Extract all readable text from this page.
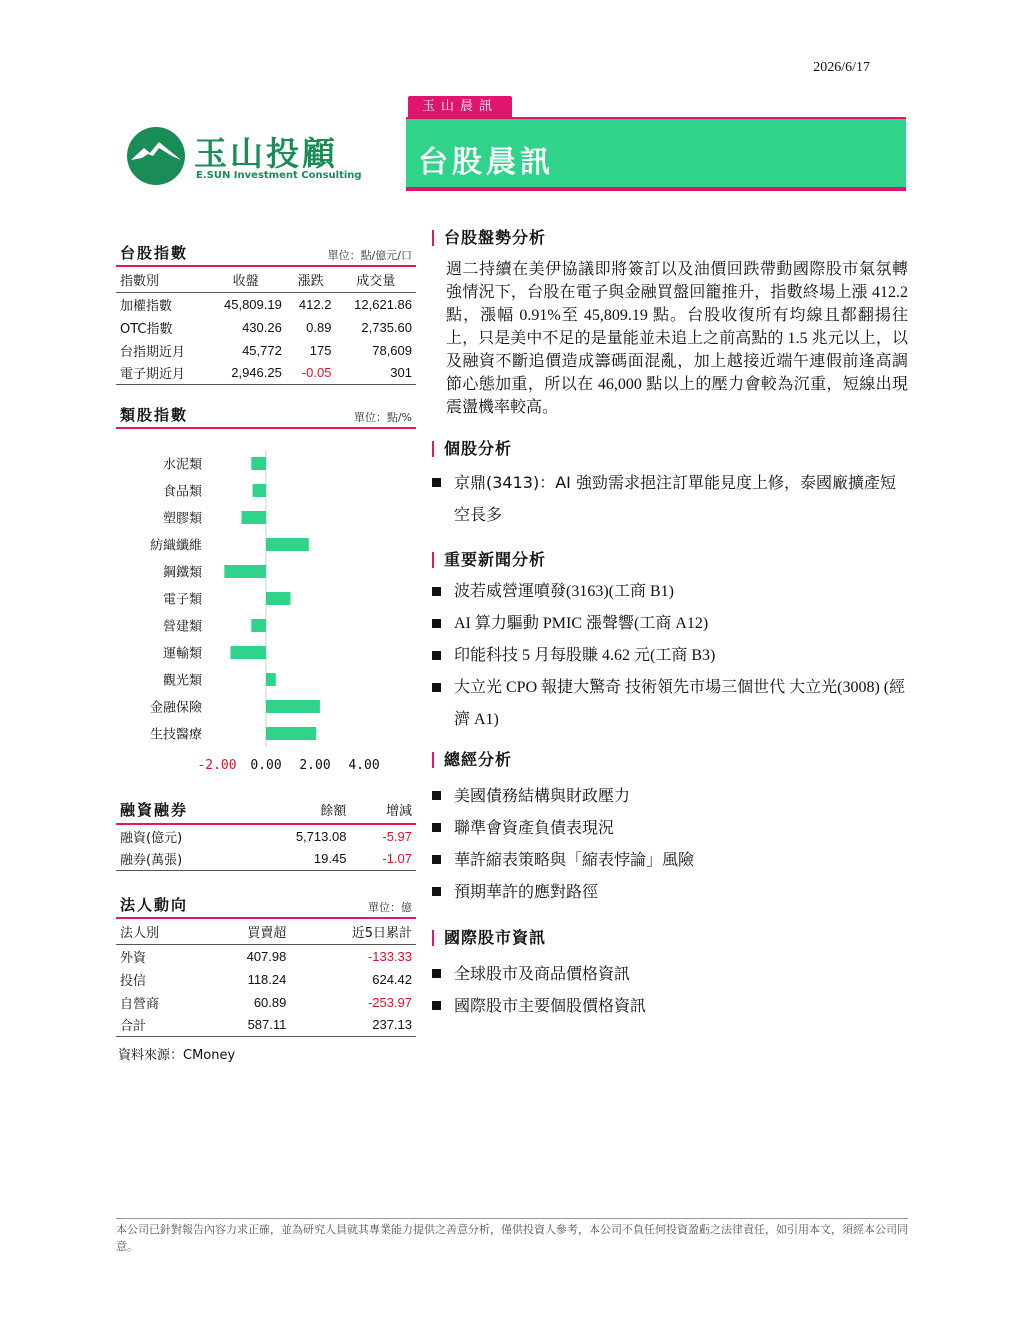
2026/6/17
玉山投顧
E.SUN Investment Consulting
玉山晨訊
台股晨訊
台股指數	單位：點/億元/口
指數別	收盤	漲跌	成交量
加權指數	45,809.19	412.2	12,621.86
OTC指數	430.26	0.89	2,735.60
台指期近月	45,772	175	78,609
電子期近月	2,946.25	-0.05	301
類股指數	單位：點/%
水泥類
食品類
塑膠類
紡織纖維
鋼鐵類
電子類
營建類
運輸類
觀光類
金融保險
生技醫療
-2.00 0.00 2.00 4.00
融資融券	餘額	增減
融資(億元)	5,713.08	-5.97
融券(萬張)	19.45	-1.07
法人動向	單位：億
法人別	買賣超	近5日累計
外資	407.98	-133.33
投信	118.24	624.42
自營商	60.89	-253.97
合計	587.11	237.13
資料來源：CMoney
台股盤勢分析
週二持續在美伊協議即將簽訂以及油價回跌帶動國際股市氣氛轉強情況下，台股在電子與金融買盤回籠推升，指數終場上漲 412.2 點，漲幅 0.91%至 45,809.19 點。台股收復所有均線且都翻揚往上，只是美中不足的是量能並未追上之前高點的 1.5 兆元以上，以及融資不斷追價造成籌碼面混亂，加上越接近端午連假前逢高調節心態加重，所以在 46,000 點以上的壓力會較為沉重，短線出現震盪機率較高。
個股分析
京鼎(3413)：AI 強勁需求挹注訂單能見度上修，泰國廠擴產短空長多
重要新聞分析
波若威營運噴發(3163)(工商 B1)
AI 算力驅動 PMIC 漲聲響(工商 A12)
印能科技 5 月每股賺 4.62 元(工商 B3)
大立光 CPO 報捷大驚奇 技術領先市場三個世代 大立光(3008) (經濟 A1)
總經分析
美國債務結構與財政壓力
聯準會資產負債表現況
華許縮表策略與「縮表悖論」風險
預期華許的應對路徑
國際股市資訊
全球股市及商品價格資訊
國際股市主要個股價格資訊
本公司已針對報告內容力求正確，並為研究人員就其專業能力提供之善意分析，僅供投資人參考，本公司不負任何投資盈虧之法律責任，如引用本文，須經本公司同意。
